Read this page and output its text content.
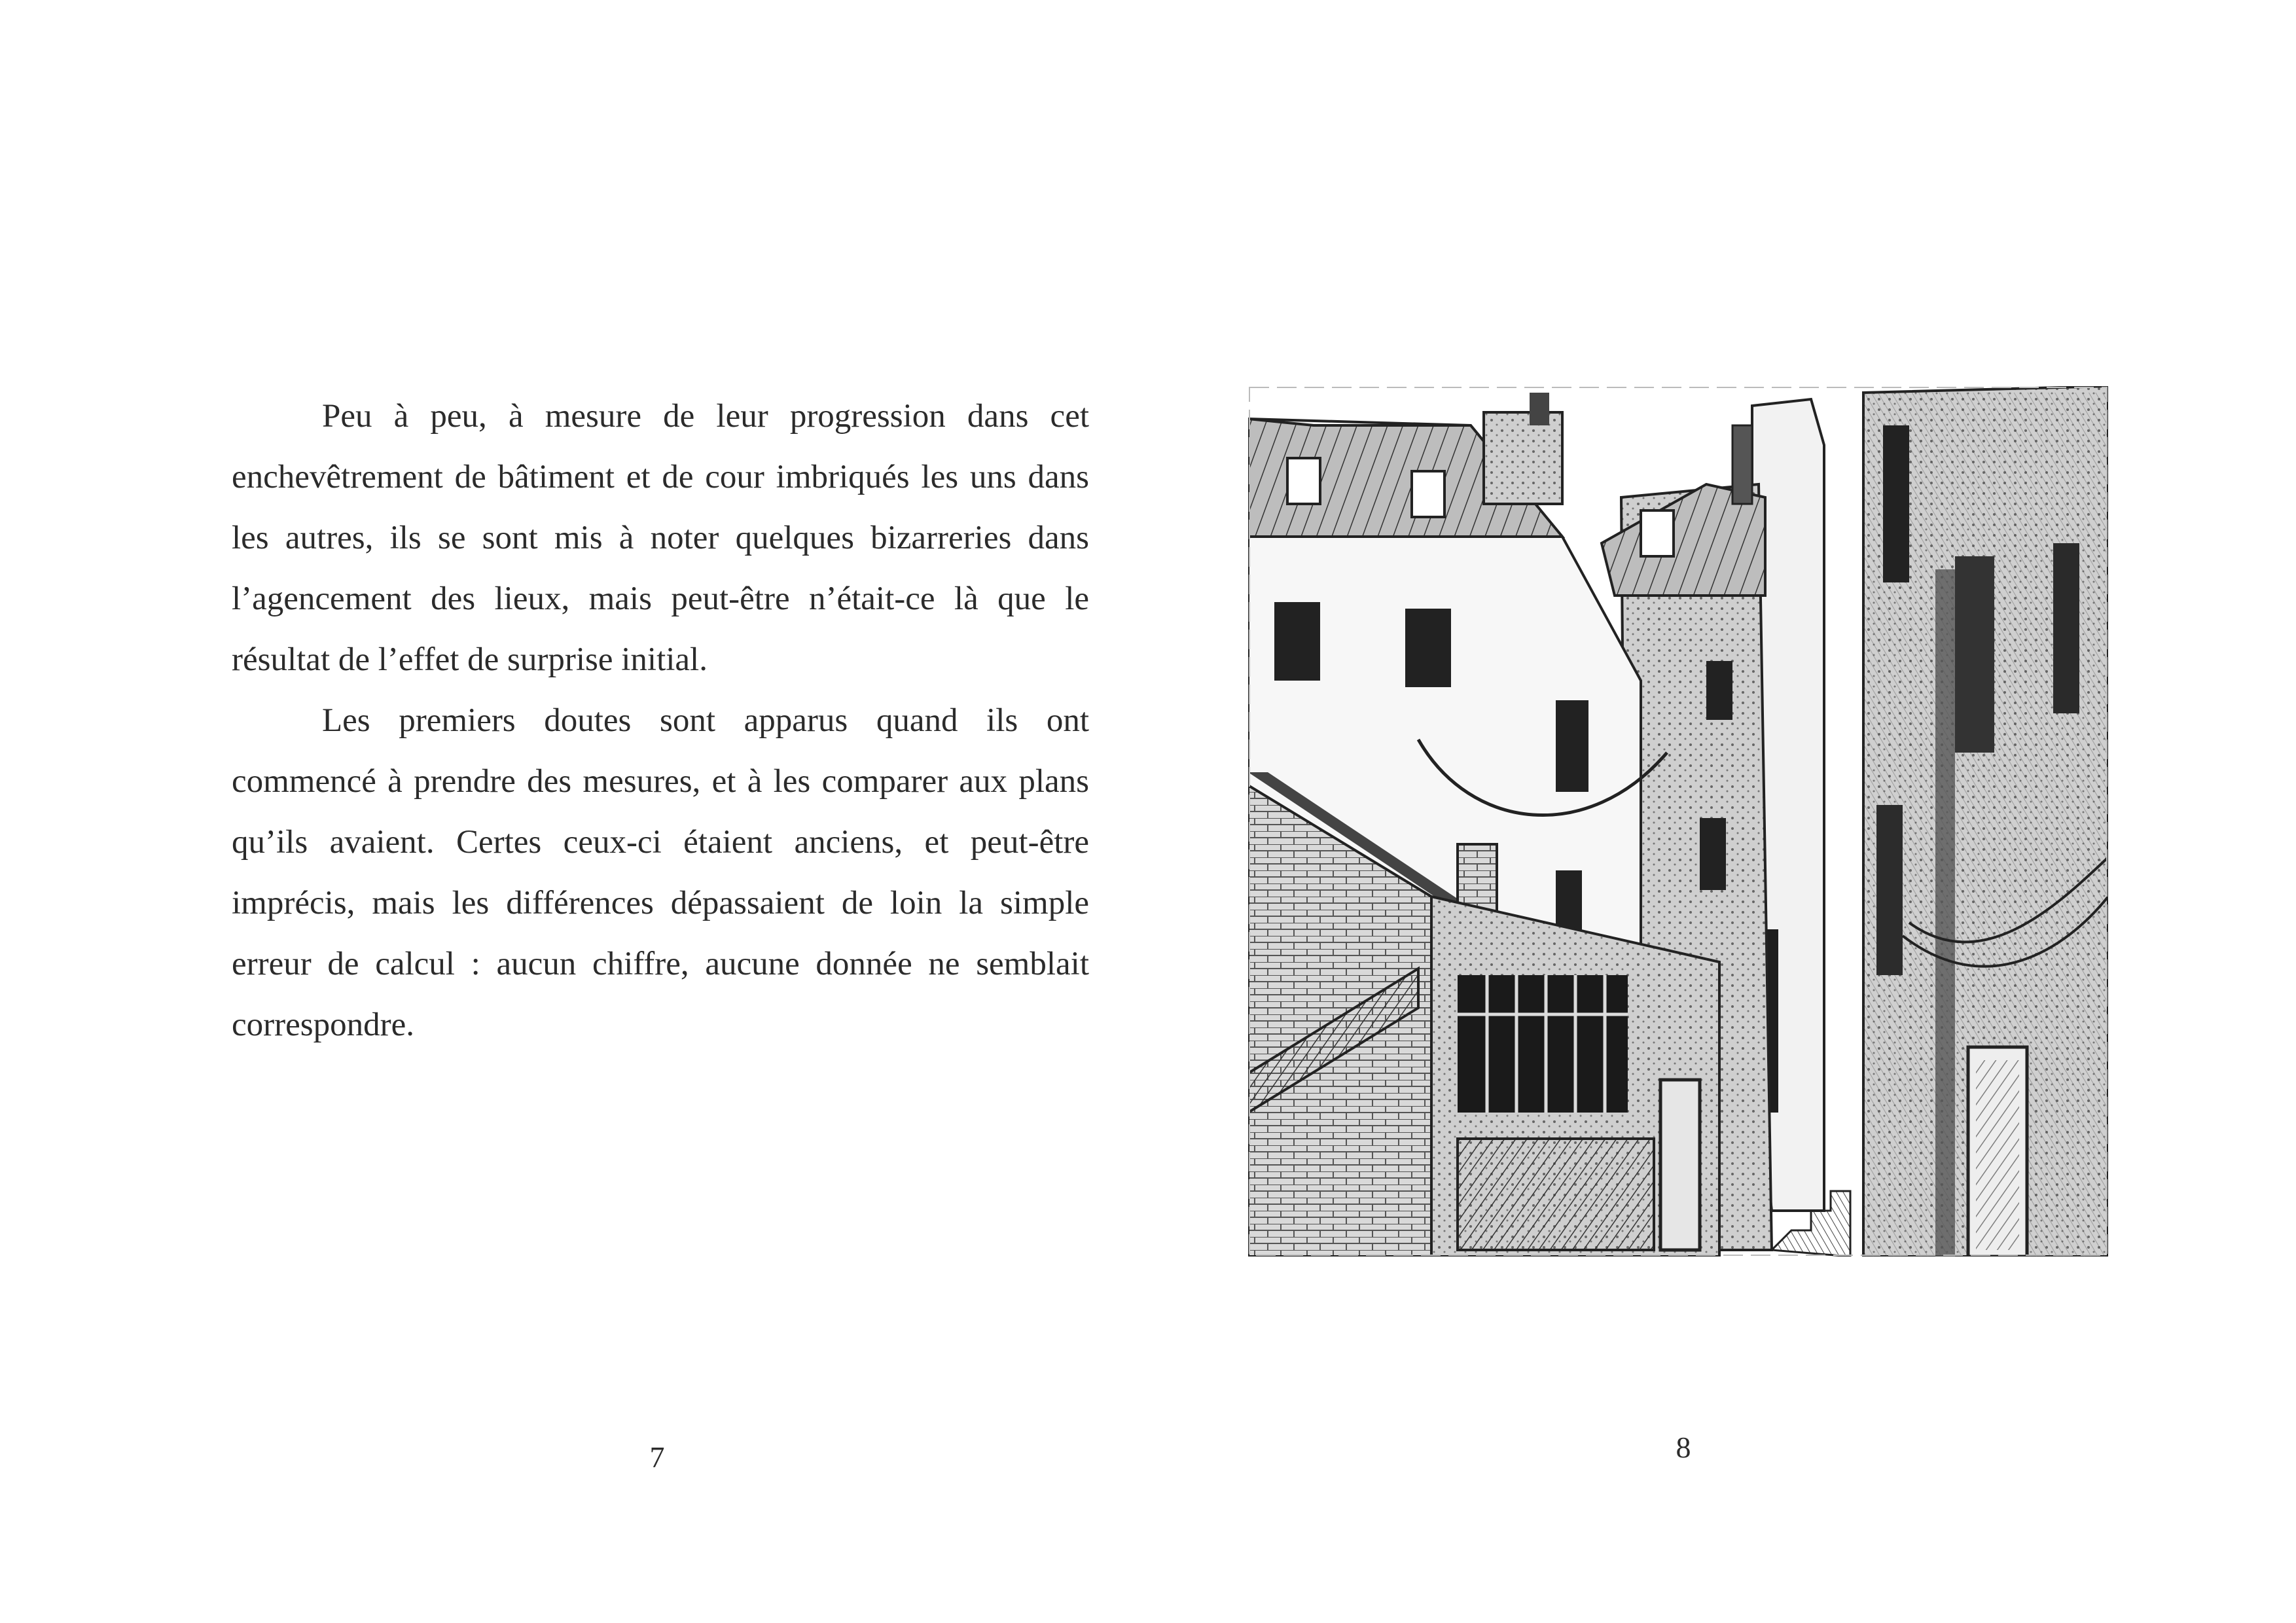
Peu à peu, à mesure de leur progression dans cet enchevêtrement de bâtiment et de cour imbriqués les uns dans les autres, ils se sont mis à noter quelques bizarreries dans l’agencement des lieux, mais peut-être n’était-ce là que le résultat de l’effet de surprise initial.

Les premiers doutes sont apparus quand ils ont commencé à prendre des mesures, et à les comparer aux plans qu’ils avaient. Certes ceux-ci étaient anciens, et peut-être imprécis, mais les différences dépassaient de loin la simple erreur de calcul : aucun chiffre, aucune donnée ne semblait correspondre.

7	8
